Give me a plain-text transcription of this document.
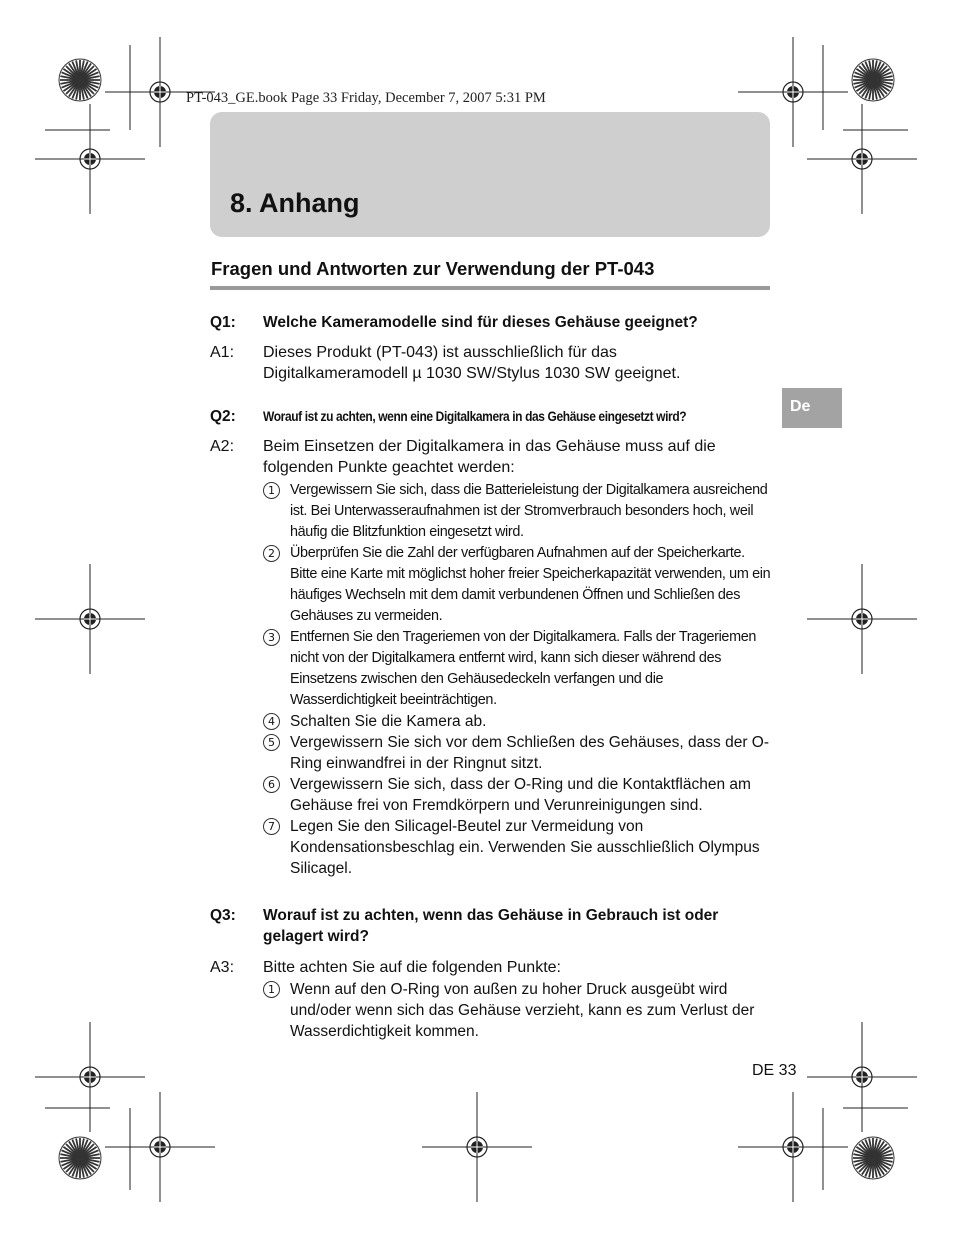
PT-043_GE.book Page 33 Friday, December 7, 2007 5:31 PM
8. Anhang
Fragen und Antworten zur Verwendung der PT-043
De
Q1: Welche Kameramodelle sind für dieses Gehäuse geeignet?
A1: Dieses Produkt (PT-043) ist ausschließlich für das Digitalkameramodell µ 1030 SW/Stylus 1030 SW geeignet.
Q2: Worauf ist zu achten, wenn eine Digitalkamera in das Gehäuse eingesetzt wird?
A2: Beim Einsetzen der Digitalkamera in das Gehäuse muss auf die folgenden Punkte geachtet werden:
1	Vergewissern Sie sich, dass die Batterieleistung der Digitalkamera ausreichend ist. Bei Unterwasseraufnahmen ist der Stromverbrauch besonders hoch, weil häufig die Blitzfunktion eingesetzt wird.
2	Überprüfen Sie die Zahl der verfügbaren Aufnahmen auf der Speicherkarte. Bitte eine Karte mit möglichst hoher freier Speicherkapazität verwenden, um ein häufiges Wechseln mit dem damit verbundenen Öffnen und Schließen des Gehäuses zu vermeiden.
3	Entfernen Sie den Trageriemen von der Digitalkamera. Falls der Trageriemen nicht von der Digitalkamera entfernt wird, kann sich dieser während des Einsetzens zwischen den Gehäusedeckeln verfangen und die Wasserdichtigkeit beeinträchtigen.
4 Schalten Sie die Kamera ab.
5 Vergewissern Sie sich vor dem Schließen des Gehäuses, dass der O-Ring einwandfrei in der Ringnut sitzt.
6 Vergewissern Sie sich, dass der O-Ring und die Kontaktflächen am Gehäuse frei von Fremdkörpern und Verunreinigungen sind.
7 Legen Sie den Silicagel-Beutel zur Vermeidung von Kondensationsbeschlag ein. Verwenden Sie ausschließlich Olympus Silicagel.
Q3: Worauf ist zu achten, wenn das Gehäuse in Gebrauch ist oder gelagert wird?
A3: Bitte achten Sie auf die folgenden Punkte:
1 Wenn auf den O-Ring von außen zu hoher Druck ausgeübt wird und/oder wenn sich das Gehäuse verzieht, kann es zum Verlust der Wasserdichtigkeit kommen.
DE 33
